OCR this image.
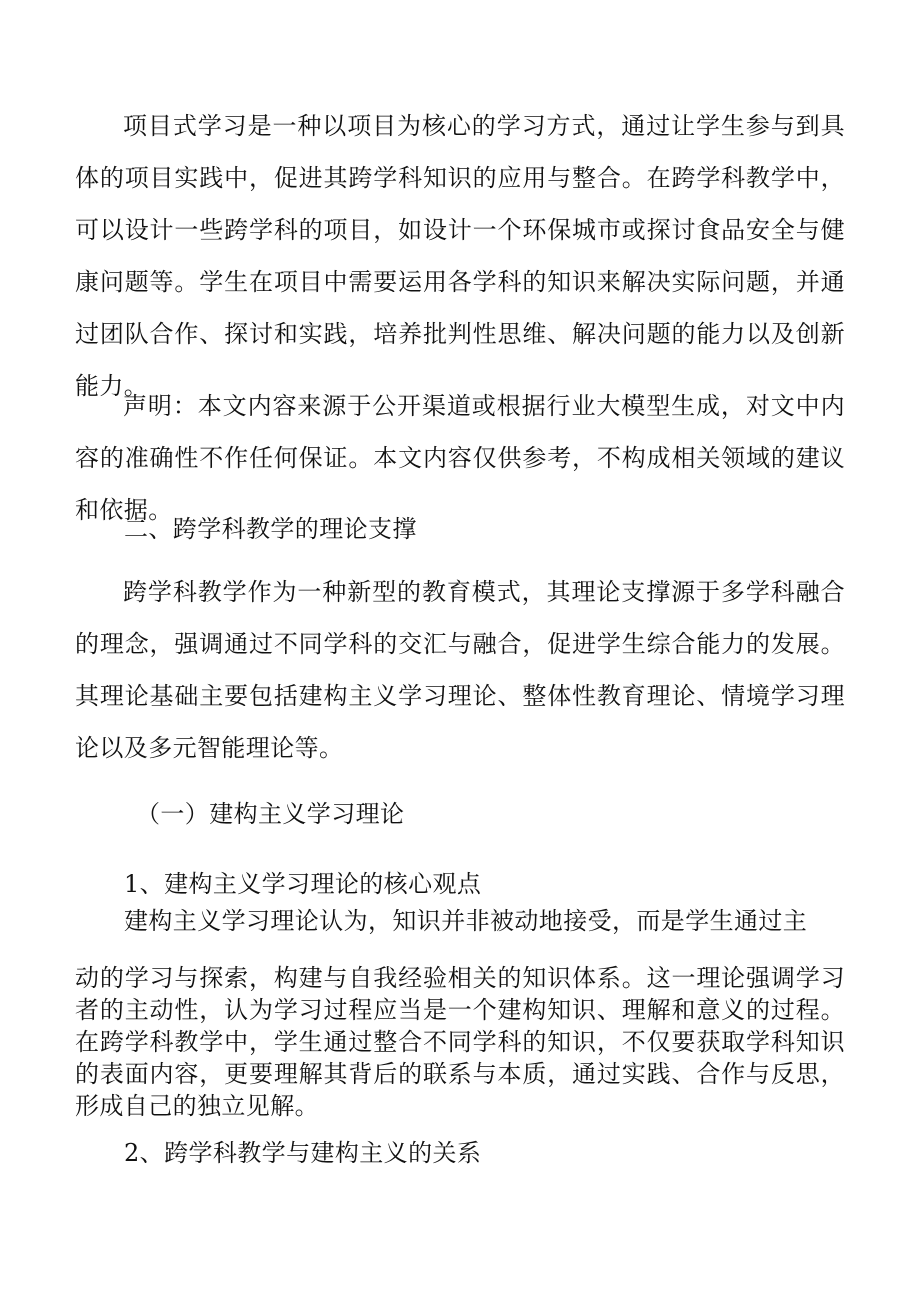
项目式学习是一种以项目为核心的学习方式，通过让学生参与到具体的项目实践中，促进其跨学科知识的应用与整合。在跨学科教学中，可以设计一些跨学科的项目，如设计一个环保城市或探讨食品安全与健康问题等。学生在项目中需要运用各学科的知识来解决实际问题，并通过团队合作、探讨和实践，培养批判性思维、解决问题的能力以及创新能力。

声明：本文内容来源于公开渠道或根据行业大模型生成，对文中内容的准确性不作任何保证。本文内容仅供参考，不构成相关领域的建议和依据。

二、跨学科教学的理论支撑

跨学科教学作为一种新型的教育模式，其理论支撑源于多学科融合的理念，强调通过不同学科的交汇与融合，促进学生综合能力的发展。其理论基础主要包括建构主义学习理论、整体性教育理论、情境学习理论以及多元智能理论等。

（一）建构主义学习理论
1、建构主义学习理论的核心观点

建构主义学习理论认为，知识并非被动地接受，而是学生通过主

动的学习与探索，构建与自我经验相关的知识体系。这一理论强调学习者的主动性，认为学习过程应当是一个建构知识、理解和意义的过程。在跨学科教学中，学生通过整合不同学科的知识，不仅要获取学科知识的表面内容，更要理解其背后的联系与本质，通过实践、合作与反思，形成自己的独立见解。

2、跨学科教学与建构主义的关系
